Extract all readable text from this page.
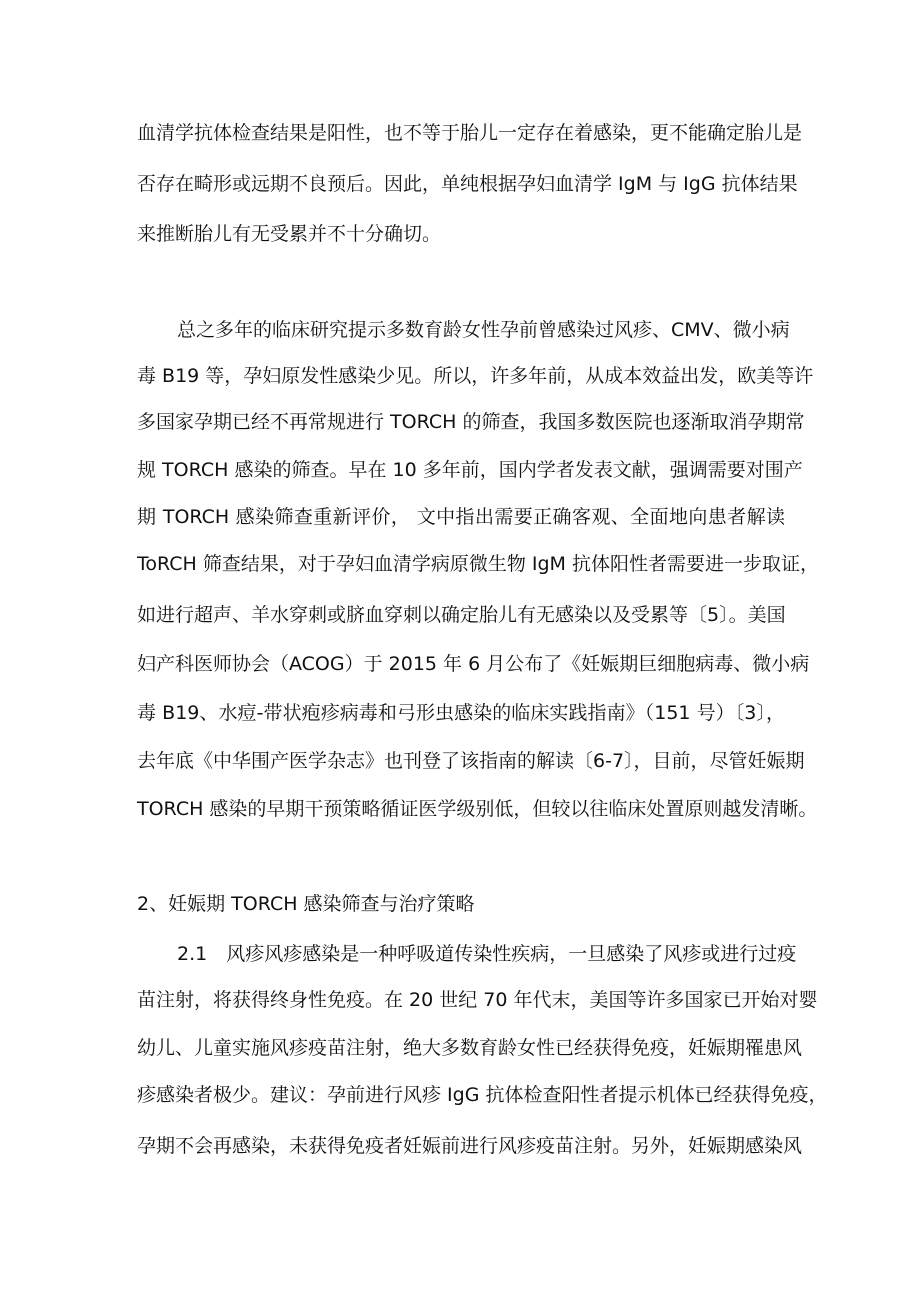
血清学抗体检查结果是阳性，也不等于胎儿一定存在着感染，更不能确定胎儿是
否存在畸形或远期不良预后。因此，单纯根据孕妇血清学 IgM 与 IgG 抗体结果
来推断胎儿有无受累并不十分确切。
总之多年的临床研究提示多数育龄女性孕前曾感染过风疹、CMV、微小病
毒 B19 等，孕妇原发性感染少见。所以，许多年前，从成本效益出发，欧美等许
多国家孕期已经不再常规进行 TORCH 的筛查，我国多数医院也逐渐取消孕期常
规 TORCH 感染的筛查。早在 10 多年前，国内学者发表文献，强调需要对围产
期 TORCH 感染筛查重新评价， 文中指出需要正确客观、全面地向患者解读
ToRCH 筛查结果，对于孕妇血清学病原微生物 IgM 抗体阳性者需要进一步取证，
如进行超声、羊水穿刺或脐血穿刺以确定胎儿有无感染以及受累等〔5〕。美国
妇产科医师协会（ACOG）于 2015 年 6 月公布了《妊娠期巨细胞病毒、微小病
毒 B19、水痘-带状疱疹病毒和弓形虫感染的临床实践指南》（151 号）〔3〕，
去年底《中华围产医学杂志》也刊登了该指南的解读〔6-7〕，目前，尽管妊娠期
TORCH 感染的早期干预策略循证医学级别低，但较以往临床处置原则越发清晰。
2、妊娠期 TORCH 感染筛查与治疗策略
2.1　风疹风疹感染是一种呼吸道传染性疾病，一旦感染了风疹或进行过疫
苗注射，将获得终身性免疫。在 20 世纪 70 年代末，美国等许多国家已开始对婴
幼儿、儿童实施风疹疫苗注射，绝大多数育龄女性已经获得免疫，妊娠期罹患风
疹感染者极少。建议：孕前进行风疹 IgG 抗体检查阳性者提示机体已经获得免疫，
孕期不会再感染，未获得免疫者妊娠前进行风疹疫苗注射。另外，妊娠期感染风
